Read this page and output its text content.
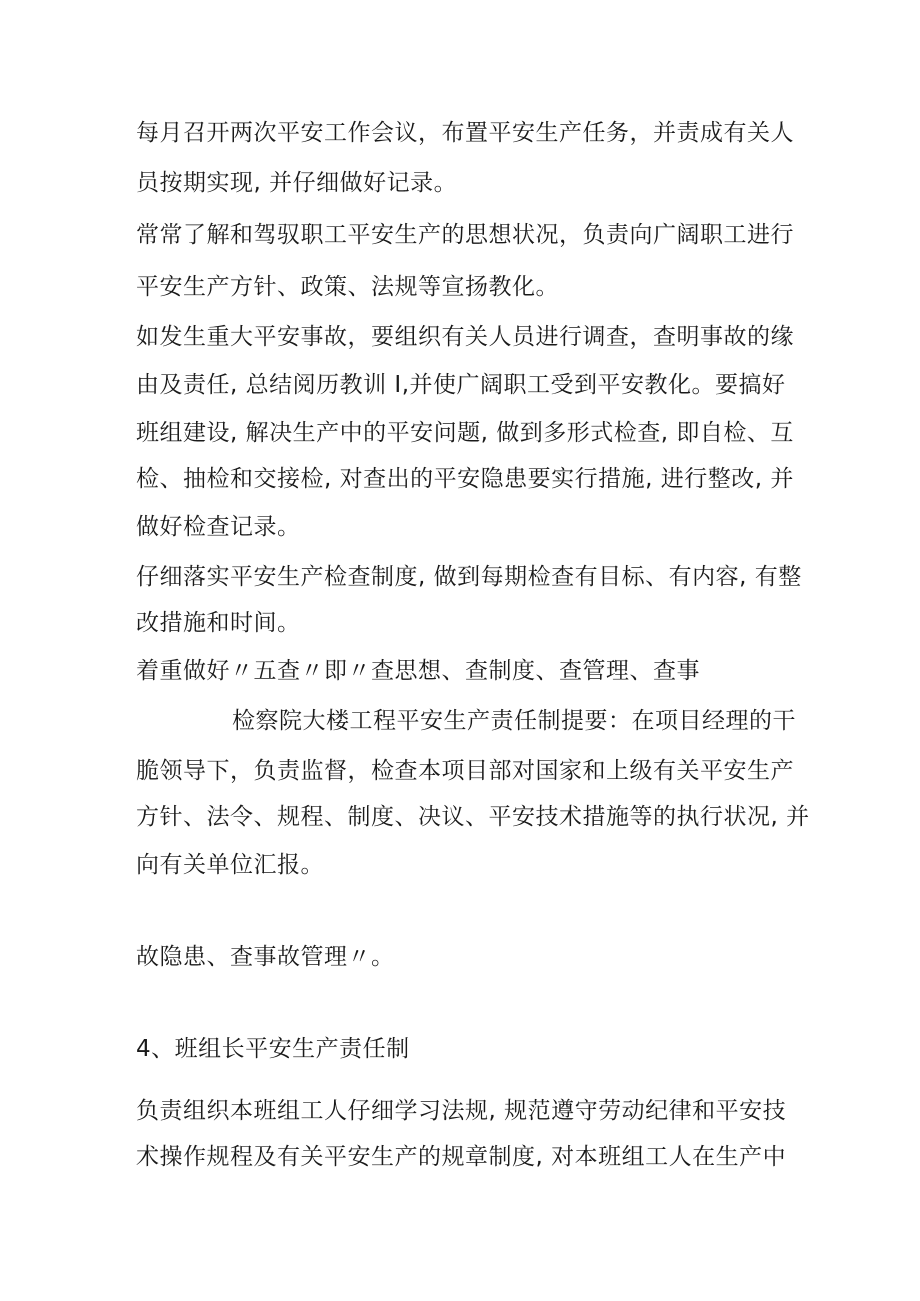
每月召开两次平安工作会议，布置平安生产任务，并责成有关人
员按期实现, 并仔细做好记录。
常常了解和驾驭职工平安生产的思想状况，负责向广阔职工进行
平安生产方针、政策、法规等宣扬教化。
如发生重大平安事故，要组织有关人员进行调查，查明事故的缘
由及责任, 总结阅历教训 I,并使广阔职工受到平安教化。要搞好
班组建设, 解决生产中的平安问题, 做到多形式检查, 即自检、互
检、抽检和交接检, 对查出的平安隐患要实行措施, 进行整改, 并
做好检查记录。
仔细落实平安生产检查制度, 做到每期检查有目标、有内容, 有整
改措施和时间。
着重做好〃五查〃即〃查思想、查制度、查管理、查事
检察院大楼工程平安生产责任制提要：在项目经理的干
脆领导下，负责监督，检查本项目部对国家和上级有关平安生产
方针、法令、规程、制度、决议、平安技术措施等的执行状况, 并
向有关单位汇报。
故隐患、查事故管理〃。
4、班组长平安生产责任制
负责组织本班组工人仔细学习法规, 规范遵守劳动纪律和平安技
术操作规程及有关平安生产的规章制度, 对本班组工人在生产中
